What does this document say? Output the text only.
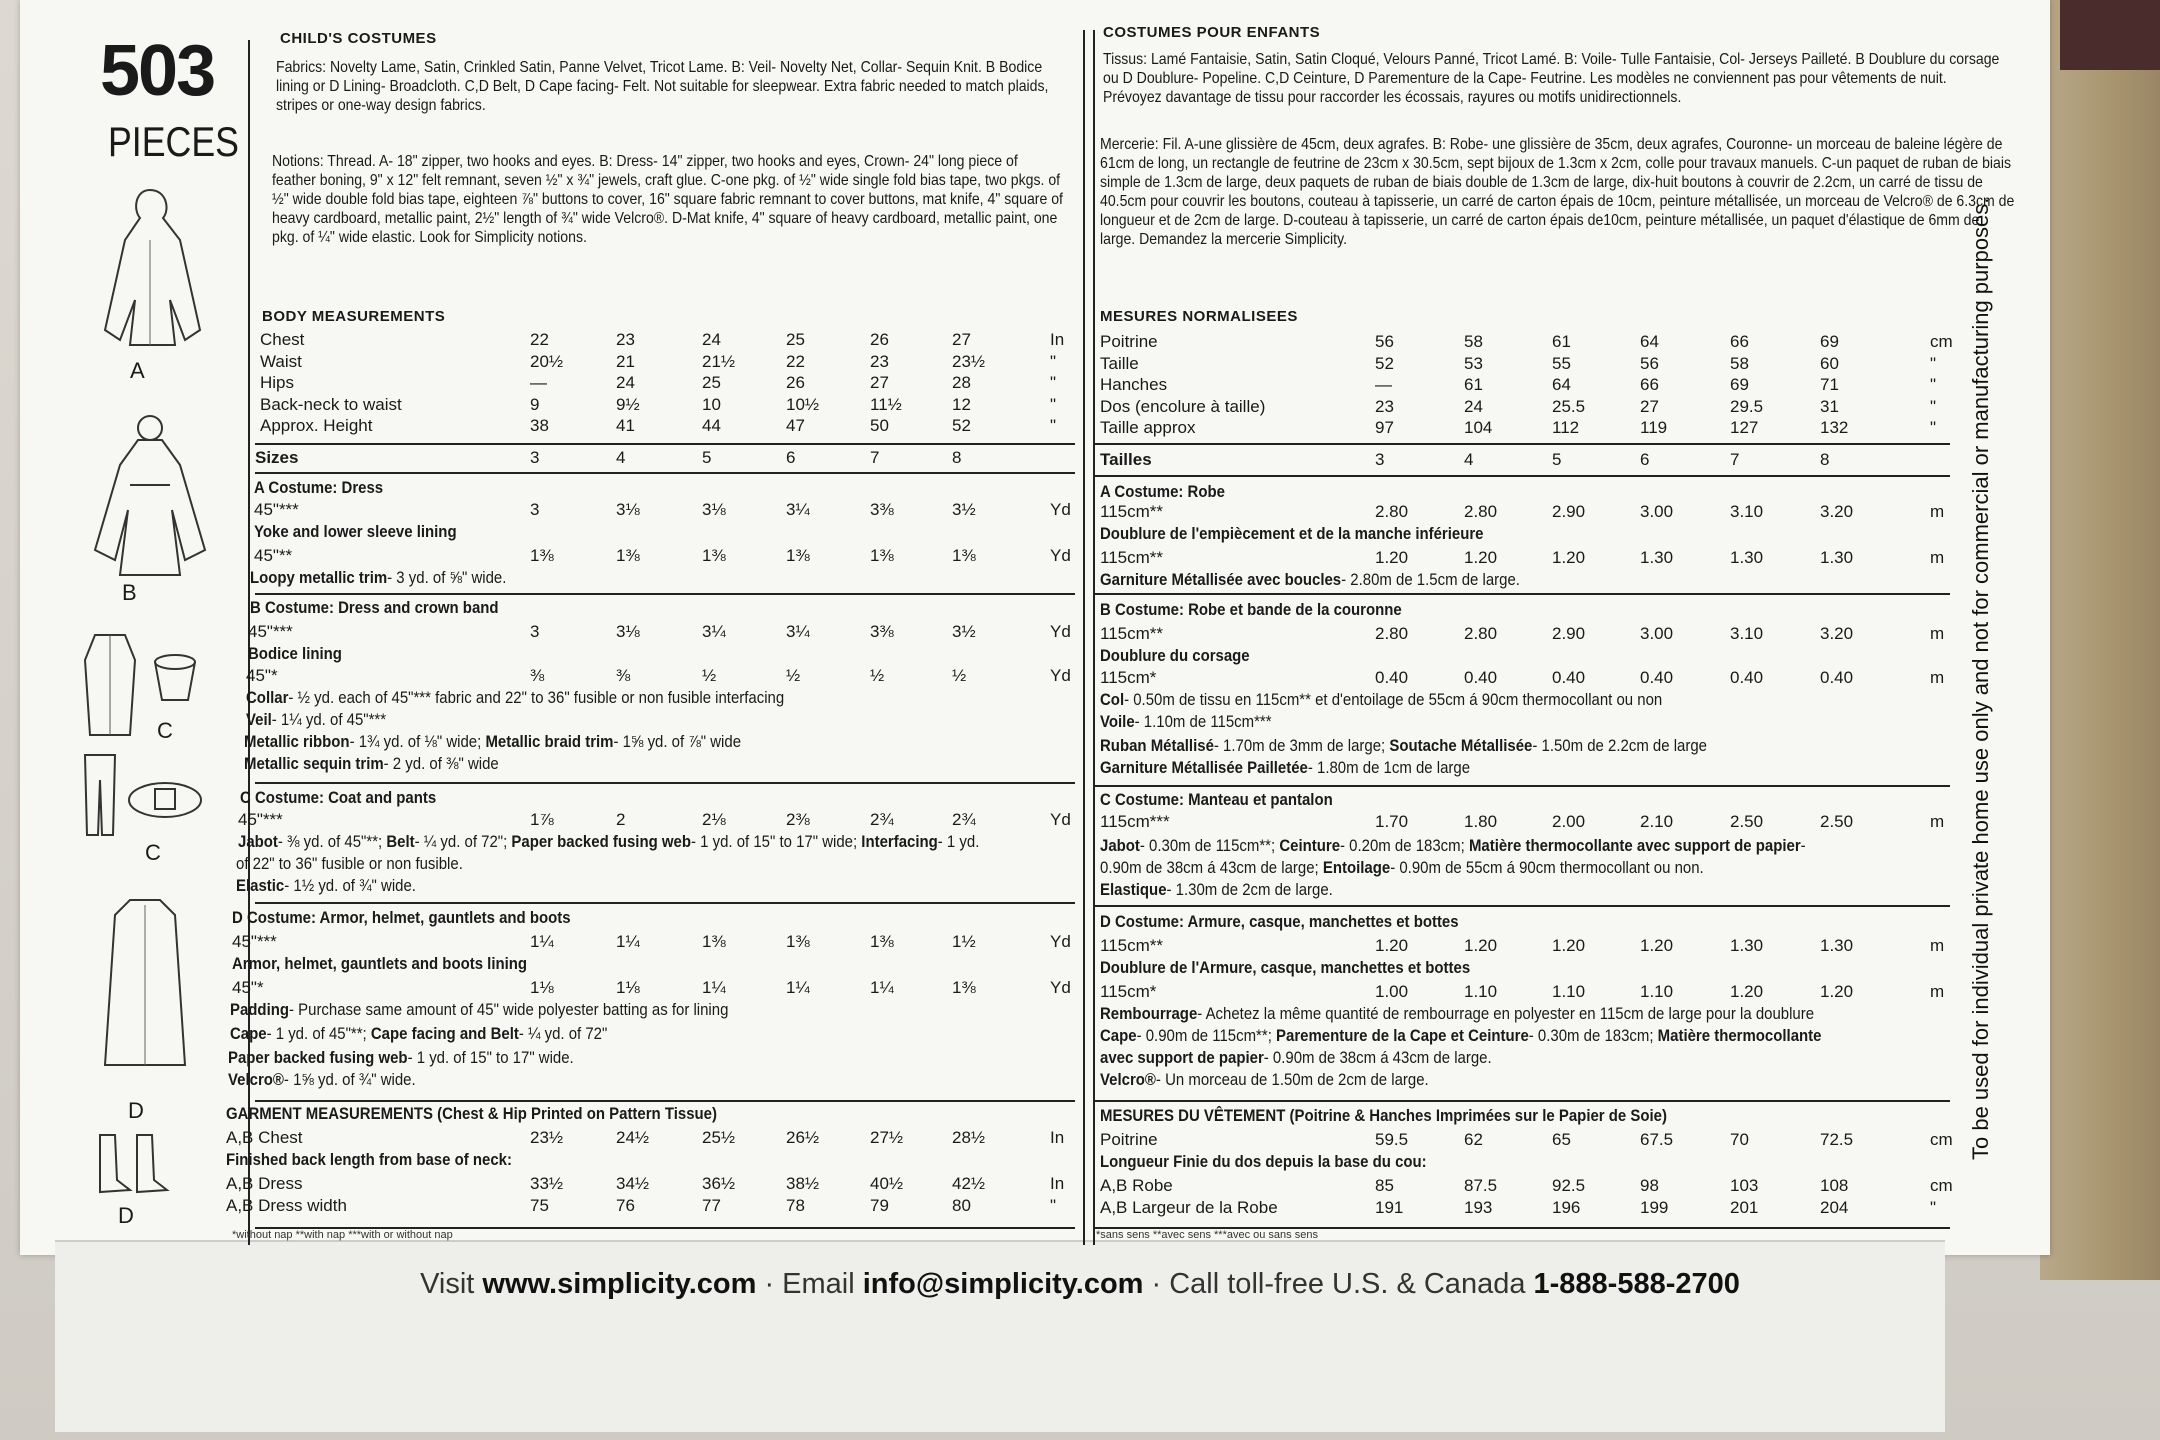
503
PIECES
A
B
C
C
D
D
CHILD'S COSTUMES
Fabrics: Novelty Lame, Satin, Crinkled Satin, Panne Velvet, Tricot Lame. B: Veil- Novelty Net, Collar- Sequin Knit. B Bodice lining or D Lining- Broadcloth. C,D Belt, D Cape facing- Felt. Not suitable for sleepwear. Extra fabric needed to match plaids, stripes or one-way design fabrics.
Notions: Thread. A- 18" zipper, two hooks and eyes. B: Dress- 14" zipper, two hooks and eyes, Crown- 24" long piece of feather boning, 9" x 12" felt remnant, seven ½" x ¾" jewels, craft glue. C-one pkg. of ½" wide single fold bias tape, two pkgs. of ½" wide double fold bias tape, eighteen ⅞" buttons to cover, 16" square fabric remnant to cover buttons, mat knife, 4" square of heavy cardboard, metallic paint, 2½" length of ¾" wide Velcro®. D-Mat knife, 4" square of heavy cardboard, metallic paint, one pkg. of ¼" wide elastic. Look for Simplicity notions.
BODY MEASUREMENTS
Chest	22	23	24	25	26	27	In
Waist	20½	21	21½	22	23	23½	"
Hips	—	24	25	26	27	28	"
Back-neck to waist	9	9½	10	10½	11½	12	"
Approx. Height	38	41	44	47	50	52	"
Sizes	3	4	5	6	7	8
A Costume: Dress
45"***	3	3⅛	3⅛	3¼	3⅜	3½	Yd
Yoke and lower sleeve lining
45"**	1⅜	1⅜	1⅜	1⅜	1⅜	1⅜	Yd
Loopy metallic trim- 3 yd. of ⅝" wide.
B Costume: Dress and crown band
45"***	3	3⅛	3¼	3¼	3⅜	3½	Yd
Bodice lining
45"*	⅜	⅜	½	½	½	½	Yd
Collar- ½ yd. each of 45"*** fabric and 22" to 36" fusible or non fusible interfacing
Veil- 1¼ yd. of 45"***
Metallic ribbon- 1¾ yd. of ⅛" wide; Metallic braid trim- 1⅝ yd. of ⅞" wide
Metallic sequin trim- 2 yd. of ⅜" wide
C Costume: Coat and pants
45"***	1⅞	2	2⅛	2⅜	2¾	2¾	Yd
Jabot- ⅜ yd. of 45"**; Belt- ¼ yd. of 72"; Paper backed fusing web- 1 yd. of 15" to 17" wide; Interfacing- 1 yd.
of 22" to 36" fusible or non fusible.
Elastic- 1½ yd. of ¾" wide.
D Costume: Armor, helmet, gauntlets and boots
45"***	1¼	1¼	1⅜	1⅜	1⅜	1½	Yd
Armor, helmet, gauntlets and boots lining
45"*	1⅛	1⅛	1¼	1¼	1¼	1⅜	Yd
Padding- Purchase same amount of 45" wide polyester batting as for lining
Cape- 1 yd. of 45"**; Cape facing and Belt- ¼ yd. of 72"
Paper backed fusing web- 1 yd. of 15" to 17" wide.
Velcro®- 1⅝ yd. of ¾" wide.
GARMENT MEASUREMENTS (Chest & Hip Printed on Pattern Tissue)
A,B Chest	23½	24½	25½	26½	27½	28½	In
Finished back length from base of neck:
A,B Dress	33½	34½	36½	38½	40½	42½	In
A,B Dress width	75	76	77	78	79	80	"
COSTUMES POUR ENFANTS
Tissus: Lamé Fantaisie, Satin, Satin Cloqué, Velours Panné, Tricot Lamé. B: Voile- Tulle Fantaisie, Col- Jerseys Pailleté. B Doublure du corsage ou D Doublure- Popeline. C,D Ceinture, D Parementure de la Cape- Feutrine. Les modèles ne conviennent pas pour vêtements de nuit. Prévoyez davantage de tissu pour raccorder les écossais, rayures ou motifs unidirectionnels.
Mercerie: Fil. A-une glissière de 45cm, deux agrafes. B: Robe- une glissière de 35cm, deux agrafes, Couronne- un morceau de baleine légère de 61cm de long, un rectangle de feutrine de 23cm x 30.5cm, sept bijoux de 1.3cm x 2cm, colle pour travaux manuels. C-un paquet de ruban de biais simple de 1.3cm de large, deux paquets de ruban de biais double de 1.3cm de large, dix-huit boutons à couvrir de 2.2cm, un carré de tissu de 40.5cm pour couvrir les boutons, couteau à tapisserie, un carré de carton épais de 10cm, peinture métallisée, un morceau de Velcro® de 6.3cm de longueur et de 2cm de large. D-couteau à tapisserie, un carré de carton épais de10cm, peinture métallisée, un paquet d'élastique de 6mm de large. Demandez la mercerie Simplicity.
MESURES NORMALISEES
Poitrine	56	58	61	64	66	69	cm
Taille	52	53	55	56	58	60	"
Hanches	—	61	64	66	69	71	"
Dos (encolure à taille)	23	24	25.5	27	29.5	31	"
Taille approx	97	104	112	119	127	132	"
Tailles	3	4	5	6	7	8
A Costume: Robe
115cm**	2.80	2.80	2.90	3.00	3.10	3.20	m
Doublure de l'empiècement et de la manche inférieure
115cm**	1.20	1.20	1.20	1.30	1.30	1.30	m
Garniture Métallisée avec boucles- 2.80m de 1.5cm de large.
B Costume: Robe et bande de la couronne
115cm**	2.80	2.80	2.90	3.00	3.10	3.20	m
Doublure du corsage
115cm*	0.40	0.40	0.40	0.40	0.40	0.40	m
Col- 0.50m de tissu en 115cm** et d'entoilage de 55cm á 90cm thermocollant ou non
Voile- 1.10m de 115cm***
Ruban Métallisé- 1.70m de 3mm de large; Soutache Métallisée- 1.50m de 2.2cm de large
Garniture Métallisée Pailletée- 1.80m de 1cm de large
C Costume: Manteau et pantalon
115cm***	1.70	1.80	2.00	2.10	2.50	2.50	m
Jabot- 0.30m de 115cm**; Ceinture- 0.20m de 183cm; Matière thermocollante avec support de papier-
0.90m de 38cm á 43cm de large; Entoilage- 0.90m de 55cm á 90cm thermocollant ou non.
Elastique- 1.30m de 2cm de large.
D Costume: Armure, casque, manchettes et bottes
115cm**	1.20	1.20	1.20	1.20	1.30	1.30	m
Doublure de l'Armure, casque, manchettes et bottes
115cm*	1.00	1.10	1.10	1.10	1.20	1.20	m
Rembourrage- Achetez la même quantité de rembourrage en polyester en 115cm de large pour la doublure
Cape- 0.90m de 115cm**; Parementure de la Cape et Ceinture- 0.30m de 183cm; Matière thermocollante
avec support de papier- 0.90m de 38cm á 43cm de large.
Velcro®- Un morceau de 1.50m de 2cm de large.
MESURES DU VÊTEMENT (Poitrine & Hanches Imprimées sur le Papier de Soie)
Poitrine	59.5	62	65	67.5	70	72.5	cm
Longueur Finie du dos depuis la base du cou:
A,B Robe	85	87.5	92.5	98	103	108	cm
A,B Largeur de la Robe	191	193	196	199	201	204	"
To be used for individual private home use only and not for commercial or manufacturing purposes.
Visit www.simplicity.com · Email info@simplicity.com · Call toll-free U.S. & Canada 1-888-588-2700
*without nap **with nap ***with or without nap	*sans sens **avec sens ***avec ou sans sens
